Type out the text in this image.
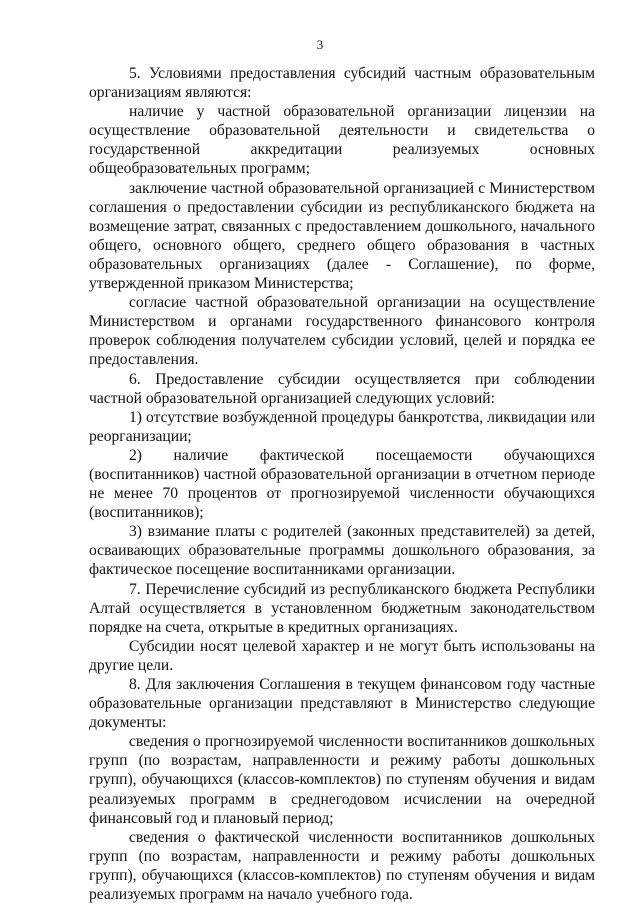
3

5. Условиями предоставления субсидий частным образовательным организациям являются:

наличие у частной образовательной организации лицензии на осуществление образовательной деятельности и свидетельства о государственной аккредитации реализуемых основных общеобразовательных программ;

заключение частной образовательной организацией с Министерством соглашения о предоставлении субсидии из республиканского бюджета на возмещение затрат, связанных с предоставлением дошкольного, начального общего, основного общего, среднего общего образования в частных образовательных организациях (далее - Соглашение), по форме, утвержденной приказом Министерства;

согласие частной образовательной организации на осуществление Министерством и органами государственного финансового контроля проверок соблюдения получателем субсидии условий, целей и порядка ее предоставления.

6. Предоставление субсидии осуществляется при соблюдении частной образовательной организацией следующих условий:

1) отсутствие возбужденной процедуры банкротства, ликвидации или реорганизации;

2) наличие фактической посещаемости обучающихся (воспитанников) частной образовательной организации в отчетном периоде не менее 70 процентов от прогнозируемой численности обучающихся (воспитанников);

3) взимание платы с родителей (законных представителей) за детей, осваивающих образовательные программы дошкольного образования, за фактическое посещение воспитанниками организации.

7. Перечисление субсидий из республиканского бюджета Республики Алтай осуществляется в установленном бюджетным законодательством порядке на счета, открытые в кредитных организациях.

Субсидии носят целевой характер и не могут быть использованы на другие цели.

8. Для заключения Соглашения в текущем финансовом году частные образовательные организации представляют в Министерство следующие документы:

сведения о прогнозируемой численности воспитанников дошкольных групп (по возрастам, направленности и режиму работы дошкольных групп), обучающихся (классов-комплектов) по ступеням обучения и видам реализуемых программ в среднегодовом исчислении на очередной финансовый год и плановый период;

сведения о фактической численности воспитанников дошкольных групп (по возрастам, направленности и режиму работы дошкольных групп), обучающихся (классов-комплектов) по ступеням обучения и видам реализуемых программ на начало учебного года.
